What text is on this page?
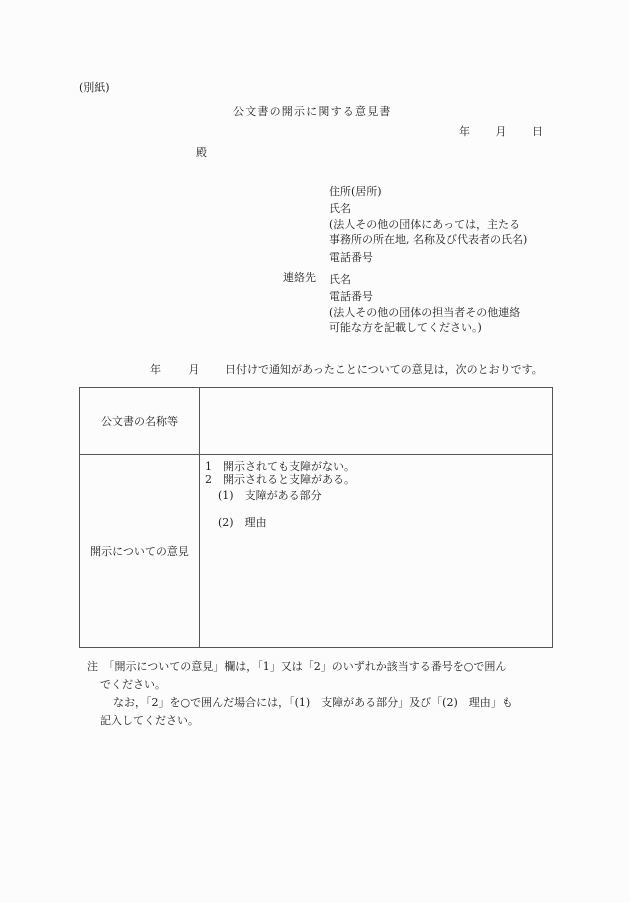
(別紙)
公文書の開示に関する意見書
年 月 日
殿
住所(居所)
氏名
(法人その他の団体にあっては，主たる
事務所の所在地, 名称及び代表者の氏名)
電話番号
連絡先 氏名
電話番号
(法人その他の団体の担当者その他連絡
可能な方を記載してください。)
年	月 日付けで通知があったことについての意見は，次のとおりです。
公文書の名称等
開示についての意見
1　開示されても支障がない。
2　開示されると支障がある。
(1)　支障がある部分
(2)　理由
注　「開示についての意見」欄は，「1」又は「2」のいずれか該当する番号を○で囲ん
でください。
なお，「2」を○で囲んだ場合には，「(1)　支障がある部分」及び「(2)　理由」も
記入してください。
